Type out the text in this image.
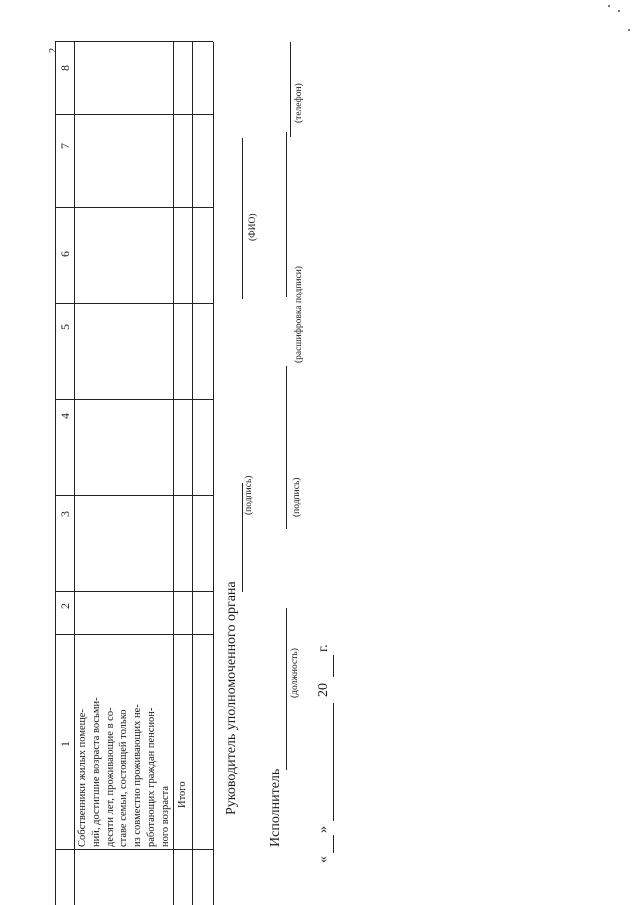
2
1
2
3
4
5
6
7
8
Собственники жилых помеще- ний, достигшие возраста восьми- десяти лет, проживающие в со- ставе семьи, состоящей только из совместно проживающих не- работающих граждан пенсион- ного возраста Итого	Руководитель уполномоченного органа
(подпись)
(ФИО)
Исполнитель
(должность)
(подпись)
(расшифровка подписи)
(телефон)
«
»
20
г.
